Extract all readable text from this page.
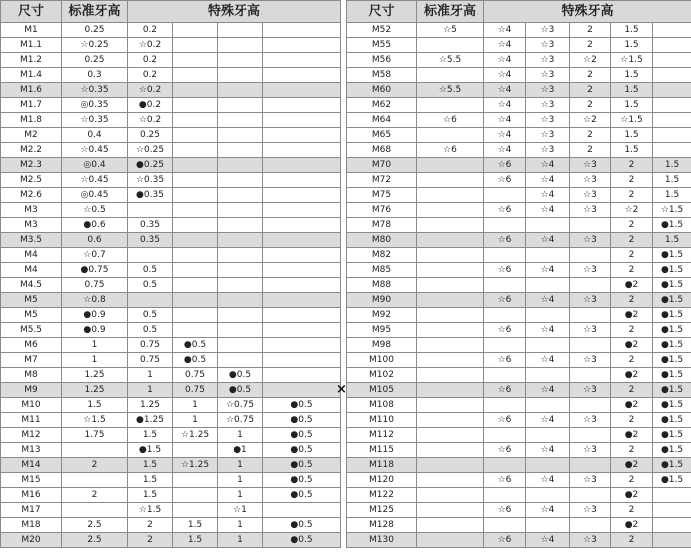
尺寸	标准牙高	特殊牙高			
M1	0.25	0.2			
M1.1	☆0.25	☆0.2			
M1.2	0.25	0.2			
M1.4	0.3	0.2			
M1.6	☆0.35	☆0.2			
M1.7	◎0.35	●0.2			
M1.8	☆0.35	☆0.2			
M2	0.4	0.25			
M2.2	☆0.45	☆0.25			
M2.3	◎0.4	●0.25			
M2.5	☆0.45	☆0.35			
M2.6	◎0.45	●0.35			
M3	☆0.5				
M3	●0.6	0.35			
M3.5	0.6	0.35			
M4	☆0.7				
M4	●0.75	0.5			
M4.5	0.75	0.5			
M5	☆0.8				
M5	●0.9	0.5			
M5.5	●0.9	0.5			
M6	1	0.75	●0.5		
M7	1	0.75	●0.5		
M8	1.25	1	0.75	●0.5	
M9	1.25	1	0.75	●0.5	
M10	1.5	1.25	1	☆0.75	●0.5
M11	☆1.5	●1.25	1	☆0.75	●0.5
M12	1.75	1.5	☆1.25	1	●0.5
M13		●1.5		●1	●0.5
M14	2	1.5	☆1.25	1	●0.5
M15		1.5		1	●0.5
M16	2	1.5		1	●0.5
M17		☆1.5		☆1	
M18	2.5	2	1.5	1	●0.5
M20	2.5	2	1.5	1	●0.5
×
尺寸	标准牙高	特殊牙高				
M52	☆5	☆4	☆3	2	1.5	
M55		☆4	☆3	2	1.5	
M56	☆5.5	☆4	☆3	☆2	☆1.5	
M58		☆4	☆3	2	1.5	
M60	☆5.5	☆4	☆3	2	1.5	
M62		☆4	☆3	2	1.5	
M64	☆6	☆4	☆3	☆2	☆1.5	
M65		☆4	☆3	2	1.5	
M68	☆6	☆4	☆3	2	1.5	
M70		☆6	☆4	☆3	2	1.5
M72		☆6	☆4	☆3	2	1.5
M75			☆4	☆3	2	1.5
M76		☆6	☆4	☆3	☆2	☆1.5
M78					2	●1.5
M80		☆6	☆4	☆3	2	1.5
M82					2	●1.5
M85		☆6	☆4	☆3	2	●1.5
M88					●2	●1.5
M90		☆6	☆4	☆3	2	●1.5
M92					●2	●1.5
M95		☆6	☆4	☆3	2	●1.5
M98					●2	●1.5
M100		☆6	☆4	☆3	2	●1.5
M102					●2	●1.5
M105		☆6	☆4	☆3	2	●1.5
M108					●2	●1.5
M110		☆6	☆4	☆3	2	●1.5
M112					●2	●1.5
M115		☆6	☆4	☆3	2	●1.5
M118					●2	●1.5
M120		☆6	☆4	☆3	2	●1.5
M122					●2	
M125		☆6	☆4	☆3	2	
M128					●2	
M130		☆6	☆4	☆3	2	
